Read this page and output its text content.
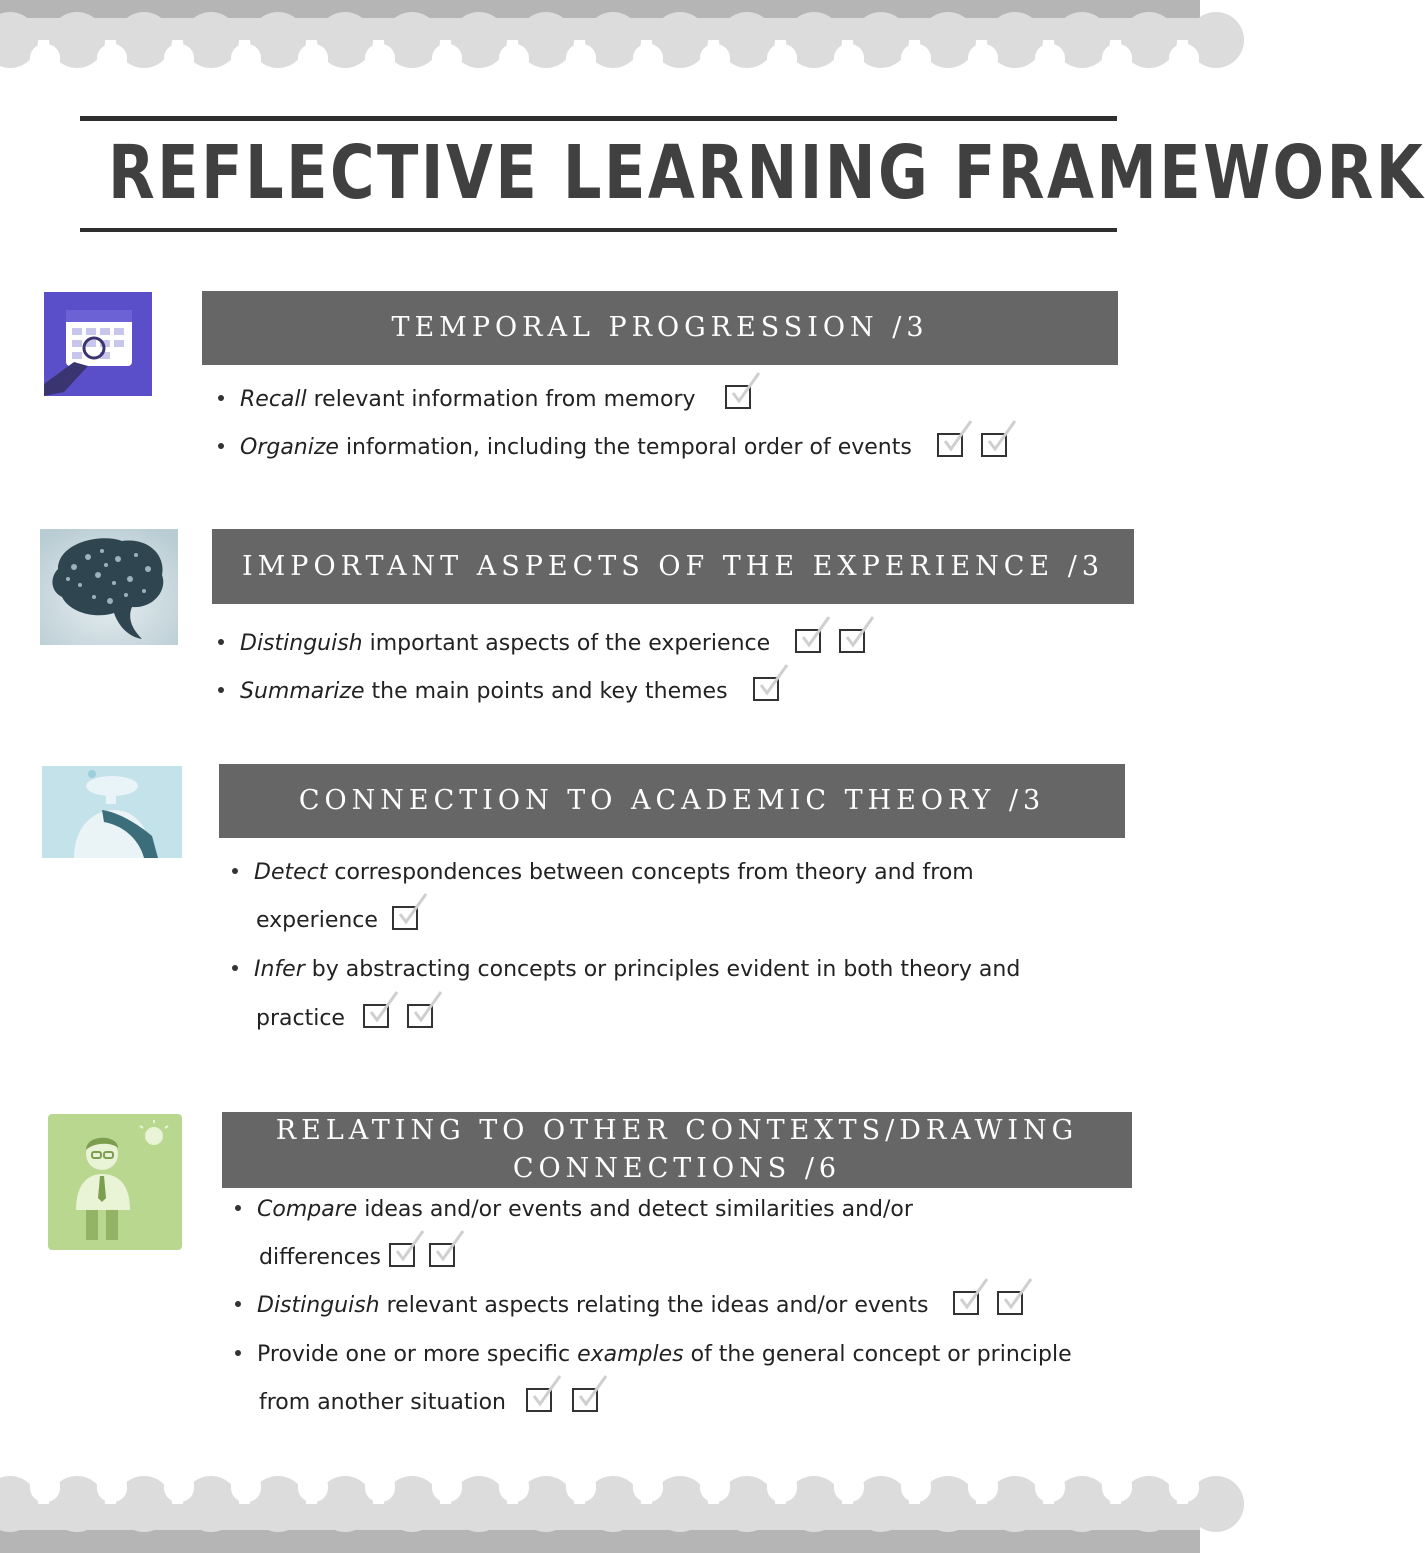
REFLECTIVE LEARNING FRAMEWORK
TEMPORAL PROGRESSION /3
Recall relevant information from memory
Organize information, including the temporal order of events
IMPORTANT ASPECTS OF THE EXPERIENCE /3
Distinguish important aspects of the experience
Summarize the main points and key themes
CONNECTION TO ACADEMIC THEORY /3
Detect correspondences between concepts from theory and from
experience
Infer by abstracting concepts or principles evident in both theory and
practice
RELATING TO OTHER CONTEXTS/DRAWING
CONNECTIONS /6
Compare ideas and/or events and detect similarities and/or
differences
Distinguish relevant aspects relating the ideas and/or events
Provide one or more specific examples of the general concept or principle
from another situation
